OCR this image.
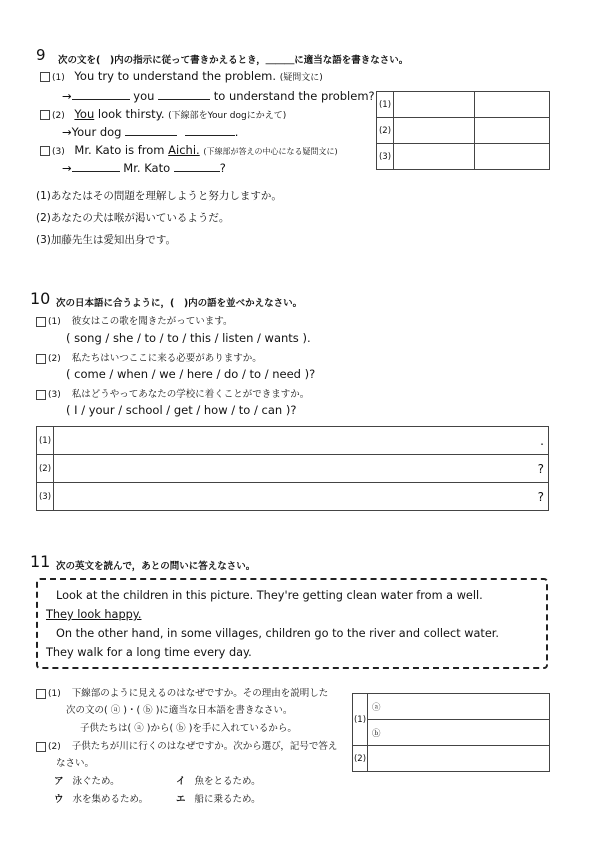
9 次の文を(　)内の指示に従って書きかえるとき，＿＿＿に適当な語を書きなさい。
(1) You try to understand the problem. (疑問文に)
→	you	to understand the problem?
(2) You look thirsty. (下線部をYour dogにかえて)
→Your dog	.
(3) Mr. Kato is from Aichi. (下線部が答えの中心になる疑問文に)
→	Mr. Kato	?
(1)		
(2)		
(3)		
(1)あなたはその問題を理解しようと努力しますか。
(2)あなたの犬は喉が渇いているようだ。
(3)加藤先生は愛知出身です。
10 次の日本語に合うように，(　)内の語を並べかえなさい。
(1) 彼女はこの歌を聞きたがっています。
( song / she / to / to / this / listen / wants ).
(2) 私たちはいつここに来る必要がありますか。
( come / when / we / here / do / to / need )?
(3) 私はどうやってあなたの学校に着くことができますか。
( I / your / school / get / how / to / can )?
(1)	.
(2)	?
(3)	?
11 次の英文を読んで，あとの問いに答えなさい。
Look at the children in this picture. They're getting clean water from a well.
They look happy.
On the other hand, in some villages, children go to the river and collect water.
They walk for a long time every day.
(1) 下線部のように見えるのはなぜですか。その理由を説明した
次の文の( ⓐ )・( ⓑ )に適当な日本語を書きなさい。
子供たちは( ⓐ )から( ⓑ )を手に入れているから。
(2) 子供たちが川に行くのはなぜですか。次から選び，記号で答え
なさい。
ア 泳ぐため。	イ 魚をとるため。
ウ 水を集めるため。	エ 船に乗るため。
(1)	ⓐ
	ⓑ
(2)	
